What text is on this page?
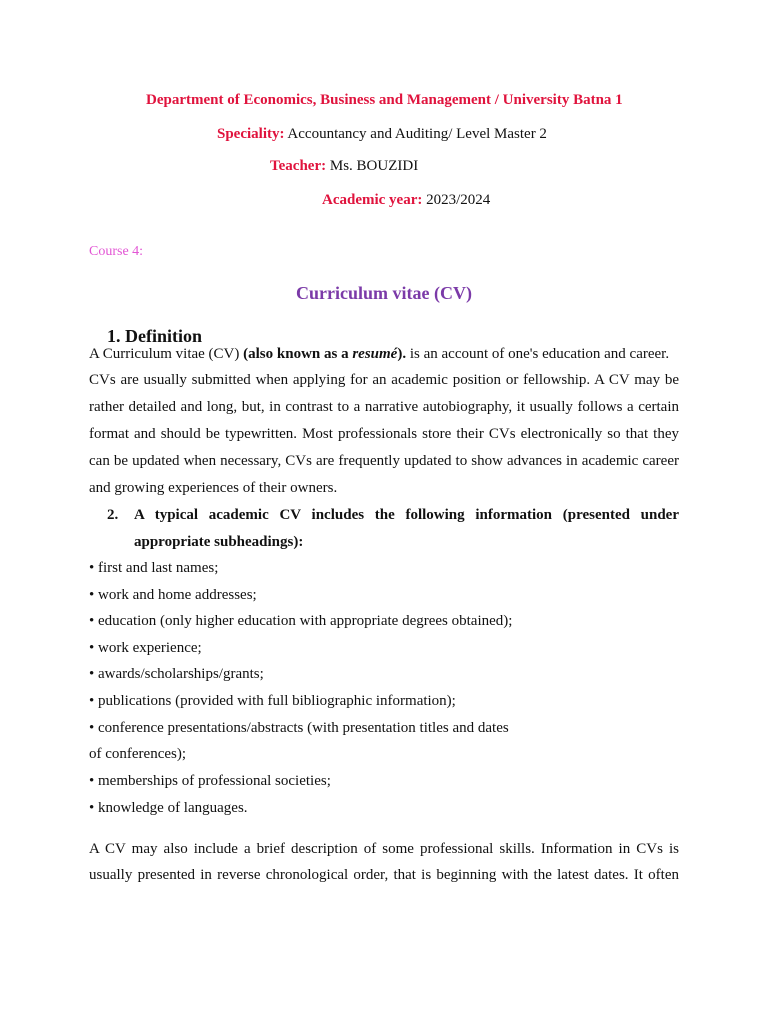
Department of Economics, Business and Management / University Batna 1
Speciality: Accountancy and Auditing/ Level Master 2
Teacher: Ms. BOUZIDI
Academic year: 2023/2024
Course 4:
Curriculum vitae (CV)
1. Definition
A Curriculum vitae (CV) (also known as a resumé). is an account of one's education and career.
CVs are usually submitted when applying for an academic position or fellowship. A CV may be
rather detailed and long, but, in contrast to a narrative autobiography, it usually follows a certain
format and should be typewritten. Most professionals store their CVs electronically so that they
can be updated when necessary, CVs are frequently updated to show advances in academic career
and growing experiences of their owners.
2. A typical academic CV includes the following information (presented under
appropriate subheadings):
• first and last names;
• work and home addresses;
• education (only higher education with appropriate degrees obtained);
• work experience;
• awards/scholarships/grants;
• publications (provided with full bibliographic information);
• conference presentations/abstracts (with presentation titles and dates
of conferences);
• memberships of professional societies;
• knowledge of languages.
A CV may also include a brief description of some professional skills. Information in CVs is
usually presented in reverse chronological order, that is beginning with the latest dates. It often
